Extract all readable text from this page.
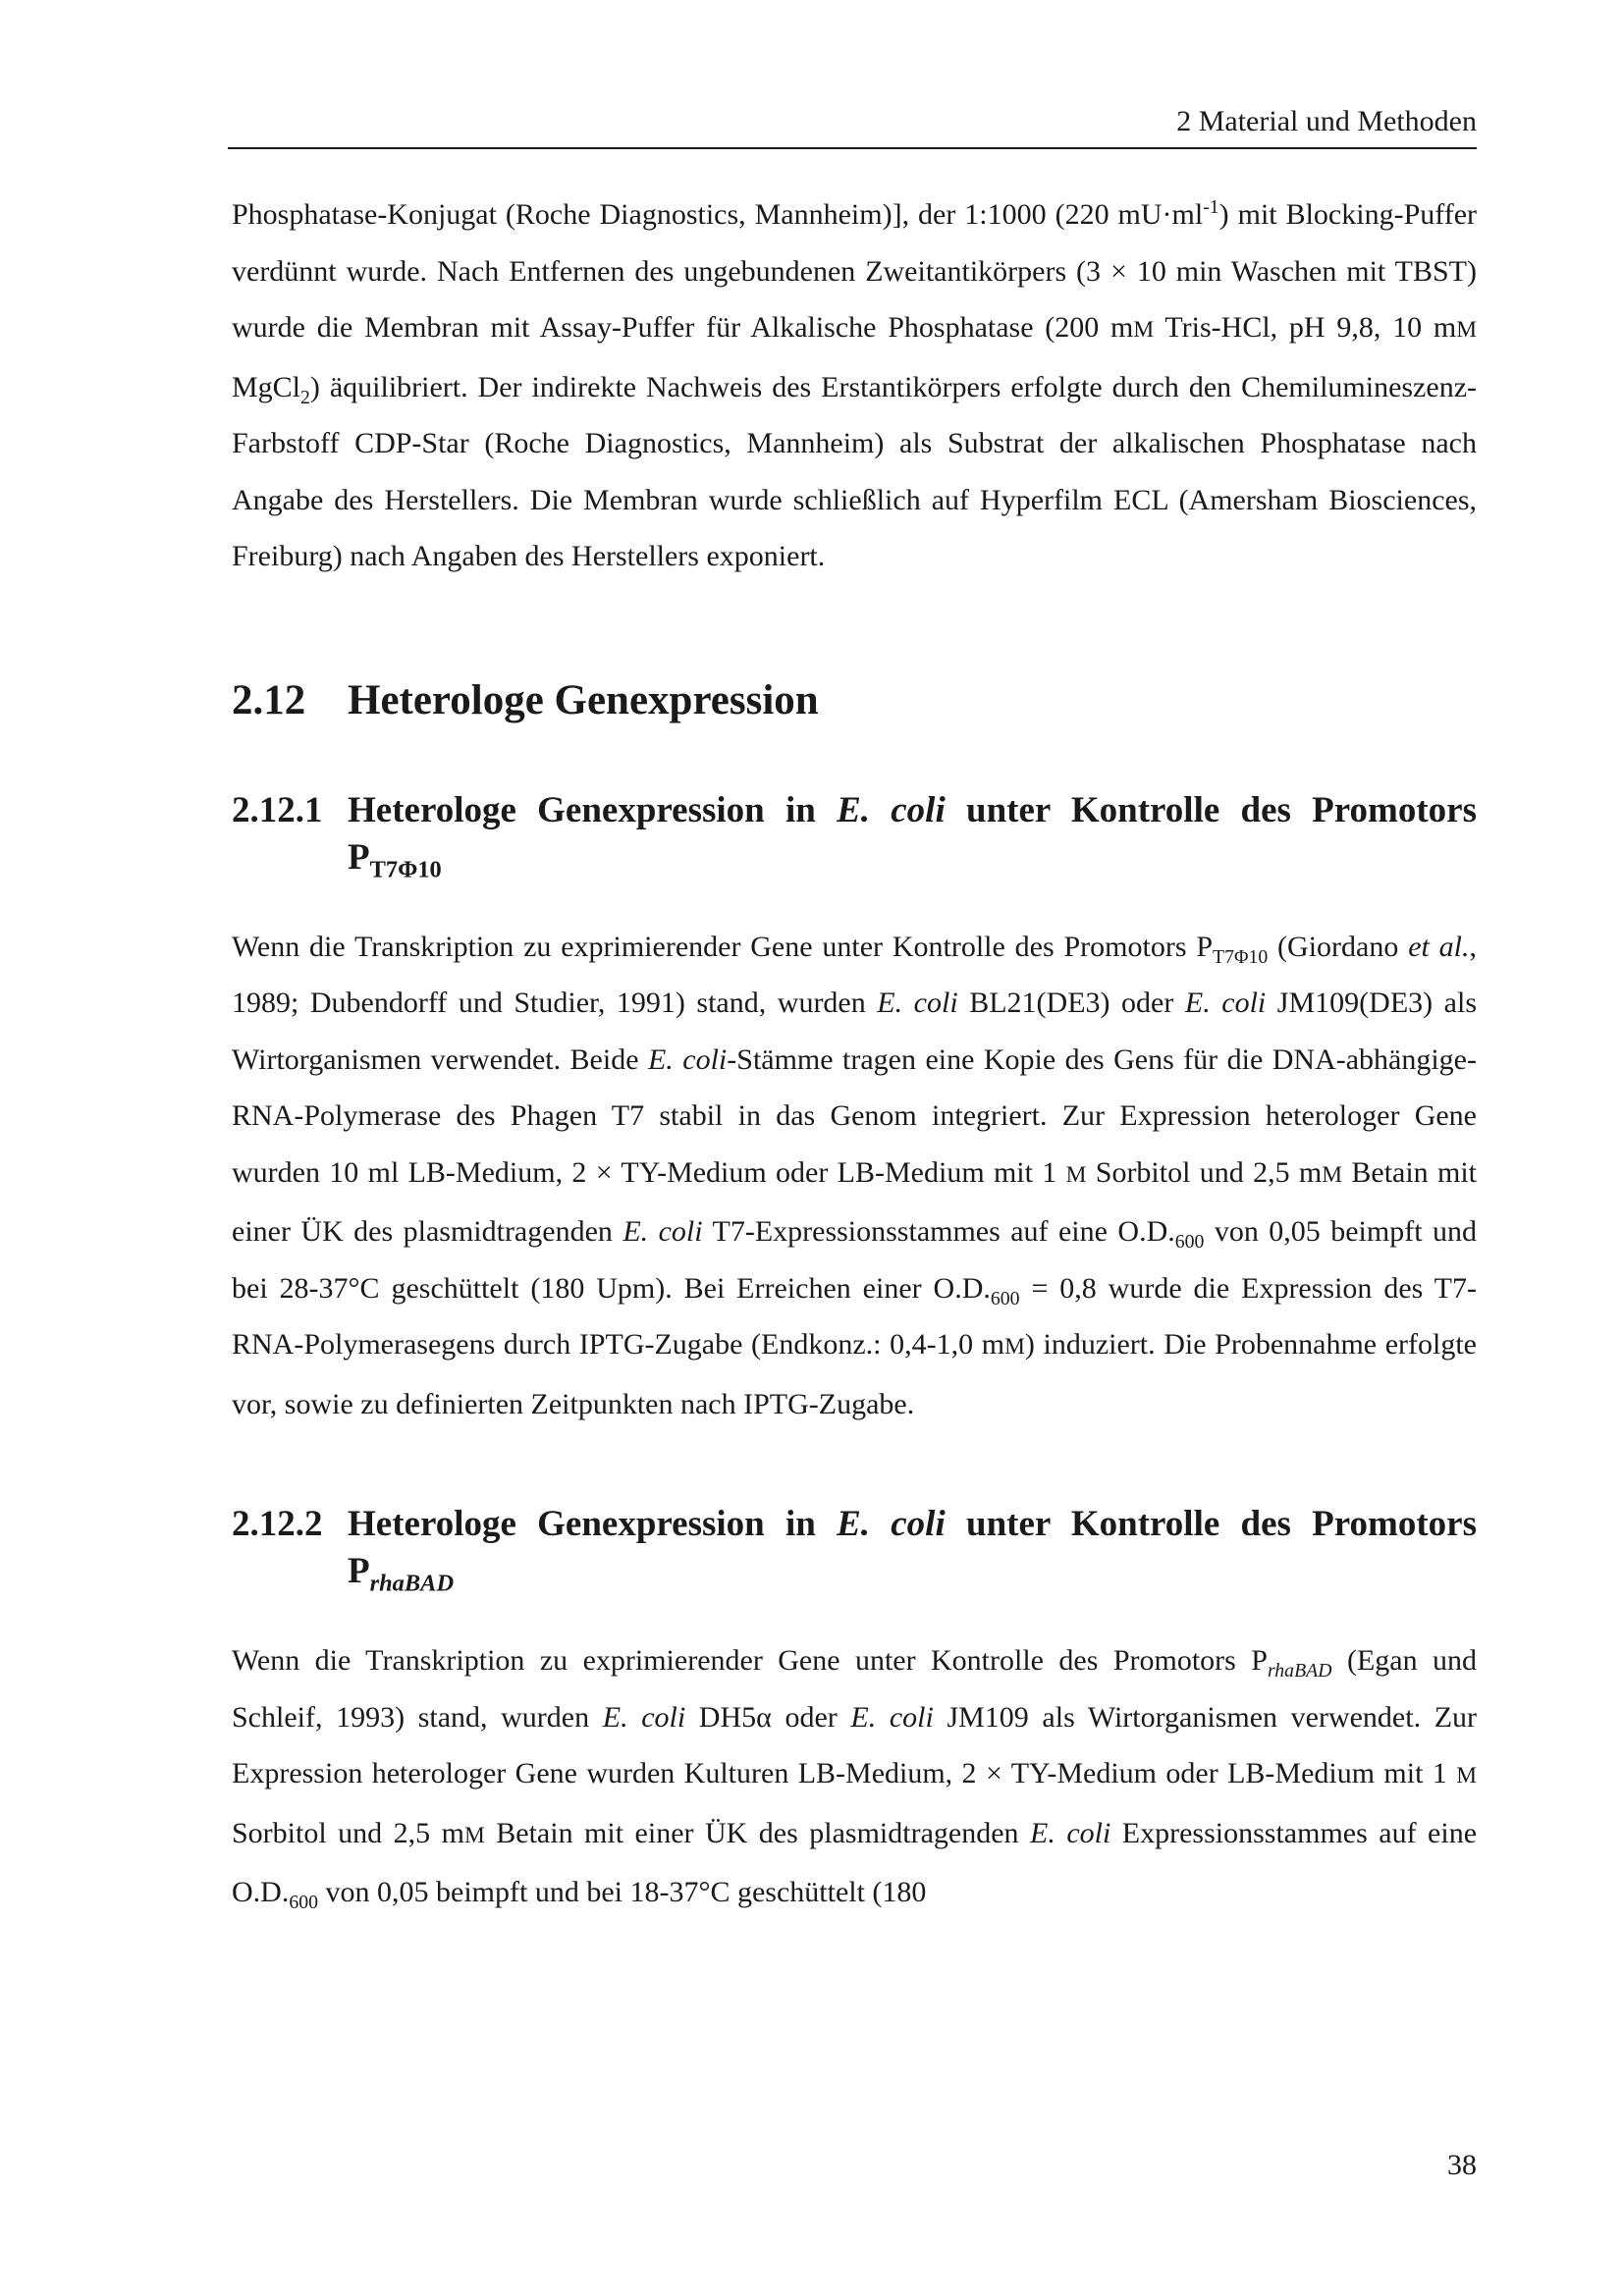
2 Material und Methoden

Phosphatase-Konjugat (Roche Diagnostics, Mannheim)], der 1:1000 (220 $mU\cdot ml^{-1}$) mit Blocking-Puffer verdünnt wurde. Nach Entfernen des ungebundenen Zweitantikörpers (3 × 10 min Waschen mit TBST) wurde die Membran mit Assay-Puffer für Alkalische Phosphatase (200 mM Tris-HCl, pH 9,8, 10 mM MgCl$_2$) äquilibriert. Der indirekte Nachweis des Erstantikörpers erfolgte durch den Chemilumineszenz-Farbstoff CDP-Star (Roche Diagnostics, Mannheim) als Substrat der alkalischen Phosphatase nach Angabe des Herstellers. Die Membran wurde schließlich auf Hyperfilm ECL (Amersham Biosciences, Freiburg) nach Angaben des Herstellers exponiert.

2.12 Heterologe Genexpression
2.12.1 Heterologe Genexpression in E. coli unter Kontrolle des Promotors
$P_{T7\Phi 10}$

Wenn die Transkription zu exprimierender Gene unter Kontrolle des Promotors $P_{T7\Phi 10}$ (Giordano et al., 1989; Dubendorff und Studier, 1991) stand, wurden E. coli BL21(DE3) oder E. coli JM109(DE3) als Wirtorganismen verwendet. Beide E. coli-Stämme tragen eine Kopie des Gens für die DNA-abhängige-RNA-Polymerase des Phagen T7 stabil in das Genom integriert. Zur Expression heterologer Gene wurden 10 ml LB-Medium, 2 × TY-Medium oder LB-Medium mit 1 M Sorbitol und 2,5 mM Betain mit einer ÜK des plasmidtragenden E. coli T7-Expressionsstammes auf eine $O.D._{600}$ von 0,05 beimpft und bei 28-37°C geschüttelt (180 Upm). Bei Erreichen einer $O.D._{600} = 0,8$ wurde die Expression des T7-RNA-Polymerasegens durch IPTG-Zugabe (Endkonz.: 0,4-1,0 mM) induziert. Die Probennahme erfolgte vor, sowie zu definierten Zeitpunkten nach IPTG-Zugabe.

2.12.2 Heterologe Genexpression in E. coli unter Kontrolle des Promotors
$P_{rhaBAD}$

Wenn die Transkription zu exprimierender Gene unter Kontrolle des Promotors $P_{rhaBAD}$ (Egan und Schleif, 1993) stand, wurden E. coli DH5α oder E. coli JM109 als Wirtorganismen verwendet. Zur Expression heterologer Gene wurden Kulturen LB-Medium, 2 × TY-Medium oder LB-Medium mit 1 M Sorbitol und 2,5 mM Betain mit einer ÜK des plasmidtragenden E. coli Expressionsstammes auf eine $O.D._{600}$ von 0,05 beimpft und bei 18-37°C geschüttelt (180

38
